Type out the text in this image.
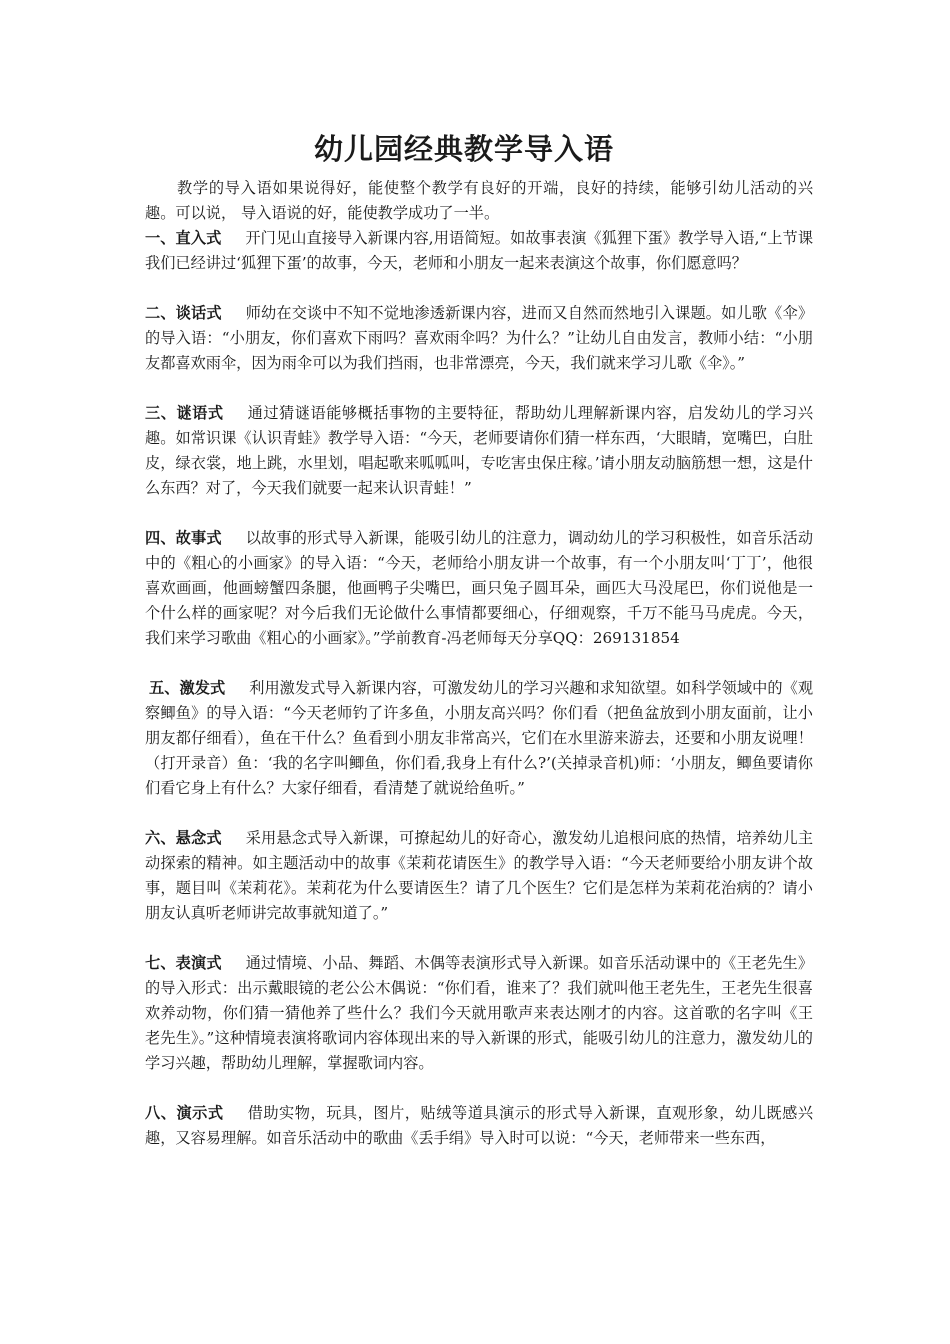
幼儿园经典教学导入语

教学的导入语如果说得好，能使整个教学有良好的开端，良好的持续，能够引幼儿活动的兴趣。可以说， 导入语说的好，能使教学成功了一半。

一、直入式 开门见山直接导入新课内容,用语简短。如故事表演《狐狸下蛋》教学导入语,“上节课我们已经讲过‘狐狸下蛋’的故事，今天，老师和小朋友一起来表演这个故事，你们愿意吗？

二、谈话式 师幼在交谈中不知不觉地渗透新课内容，进而又自然而然地引入课题。如儿歌《伞》的导入语：“小朋友，你们喜欢下雨吗？喜欢雨伞吗？为什么？”让幼儿自由发言，教师小结：“小朋友都喜欢雨伞，因为雨伞可以为我们挡雨，也非常漂亮，今天，我们就来学习儿歌《伞》。”

三、谜语式 通过猜谜语能够概括事物的主要特征，帮助幼儿理解新课内容，启发幼儿的学习兴趣。如常识课《认识青蛙》教学导入语：“今天，老师要请你们猜一样东西，‘大眼睛，宽嘴巴，白肚皮，绿衣裳，地上跳，水里划，唱起歌来呱呱叫，专吃害虫保庄稼。’请小朋友动脑筋想一想，这是什么东西？对了，今天我们就要一起来认识青蛙！”

四、故事式 以故事的形式导入新课，能吸引幼儿的注意力，调动幼儿的学习积极性，如音乐活动中的《粗心的小画家》的导入语：“今天，老师给小朋友讲一个故事，有一个小朋友叫‘丁丁’，他很喜欢画画，他画螃蟹四条腿，他画鸭子尖嘴巴，画只兔子圆耳朵，画匹大马没尾巴，你们说他是一个什么样的画家呢？对今后我们无论做什么事情都要细心，仔细观察，千万不能马马虎虎。今天，我们来学习歌曲《粗心的小画家》。”学前教育-冯老师每天分享QQ：269131854

五、激发式 利用激发式导入新课内容，可激发幼儿的学习兴趣和求知欲望。如科学领域中的《观察鲫鱼》的导入语：“今天老师钓了许多鱼，小朋友高兴吗？你们看（把鱼盆放到小朋友面前，让小朋友都仔细看），鱼在干什么？鱼看到小朋友非常高兴，它们在水里游来游去，还要和小朋友说哩！（打开录音）鱼：‘我的名字叫鲫鱼，你们看,我身上有什么?’(关掉录音机)师：‘小朋友，鲫鱼要请你们看它身上有什么？大家仔细看，看清楚了就说给鱼听。”

六、悬念式 采用悬念式导入新课，可撩起幼儿的好奇心，激发幼儿追根问底的热情，培养幼儿主动探索的精神。如主题活动中的故事《茉莉花请医生》的教学导入语：“今天老师要给小朋友讲个故事，题目叫《茉莉花》。茉莉花为什么要请医生？请了几个医生？它们是怎样为茉莉花治病的？请小朋友认真听老师讲完故事就知道了。”

七、表演式 通过情境、小品、舞蹈、木偶等表演形式导入新课。如音乐活动课中的《王老先生》的导入形式：出示戴眼镜的老公公木偶说：“你们看，谁来了？我们就叫他王老先生，王老先生很喜欢养动物，你们猜一猜他养了些什么？我们今天就用歌声来表达刚才的内容。这首歌的名字叫《王老先生》。”这种情境表演将歌词内容体现出来的导入新课的形式，能吸引幼儿的注意力，激发幼儿的学习兴趣，帮助幼儿理解，掌握歌词内容。

八、演示式 借助实物，玩具，图片，贴绒等道具演示的形式导入新课，直观形象，幼儿既感兴趣，又容易理解。如音乐活动中的歌曲《丢手绢》导入时可以说：“今天，老师带来一些东西，
